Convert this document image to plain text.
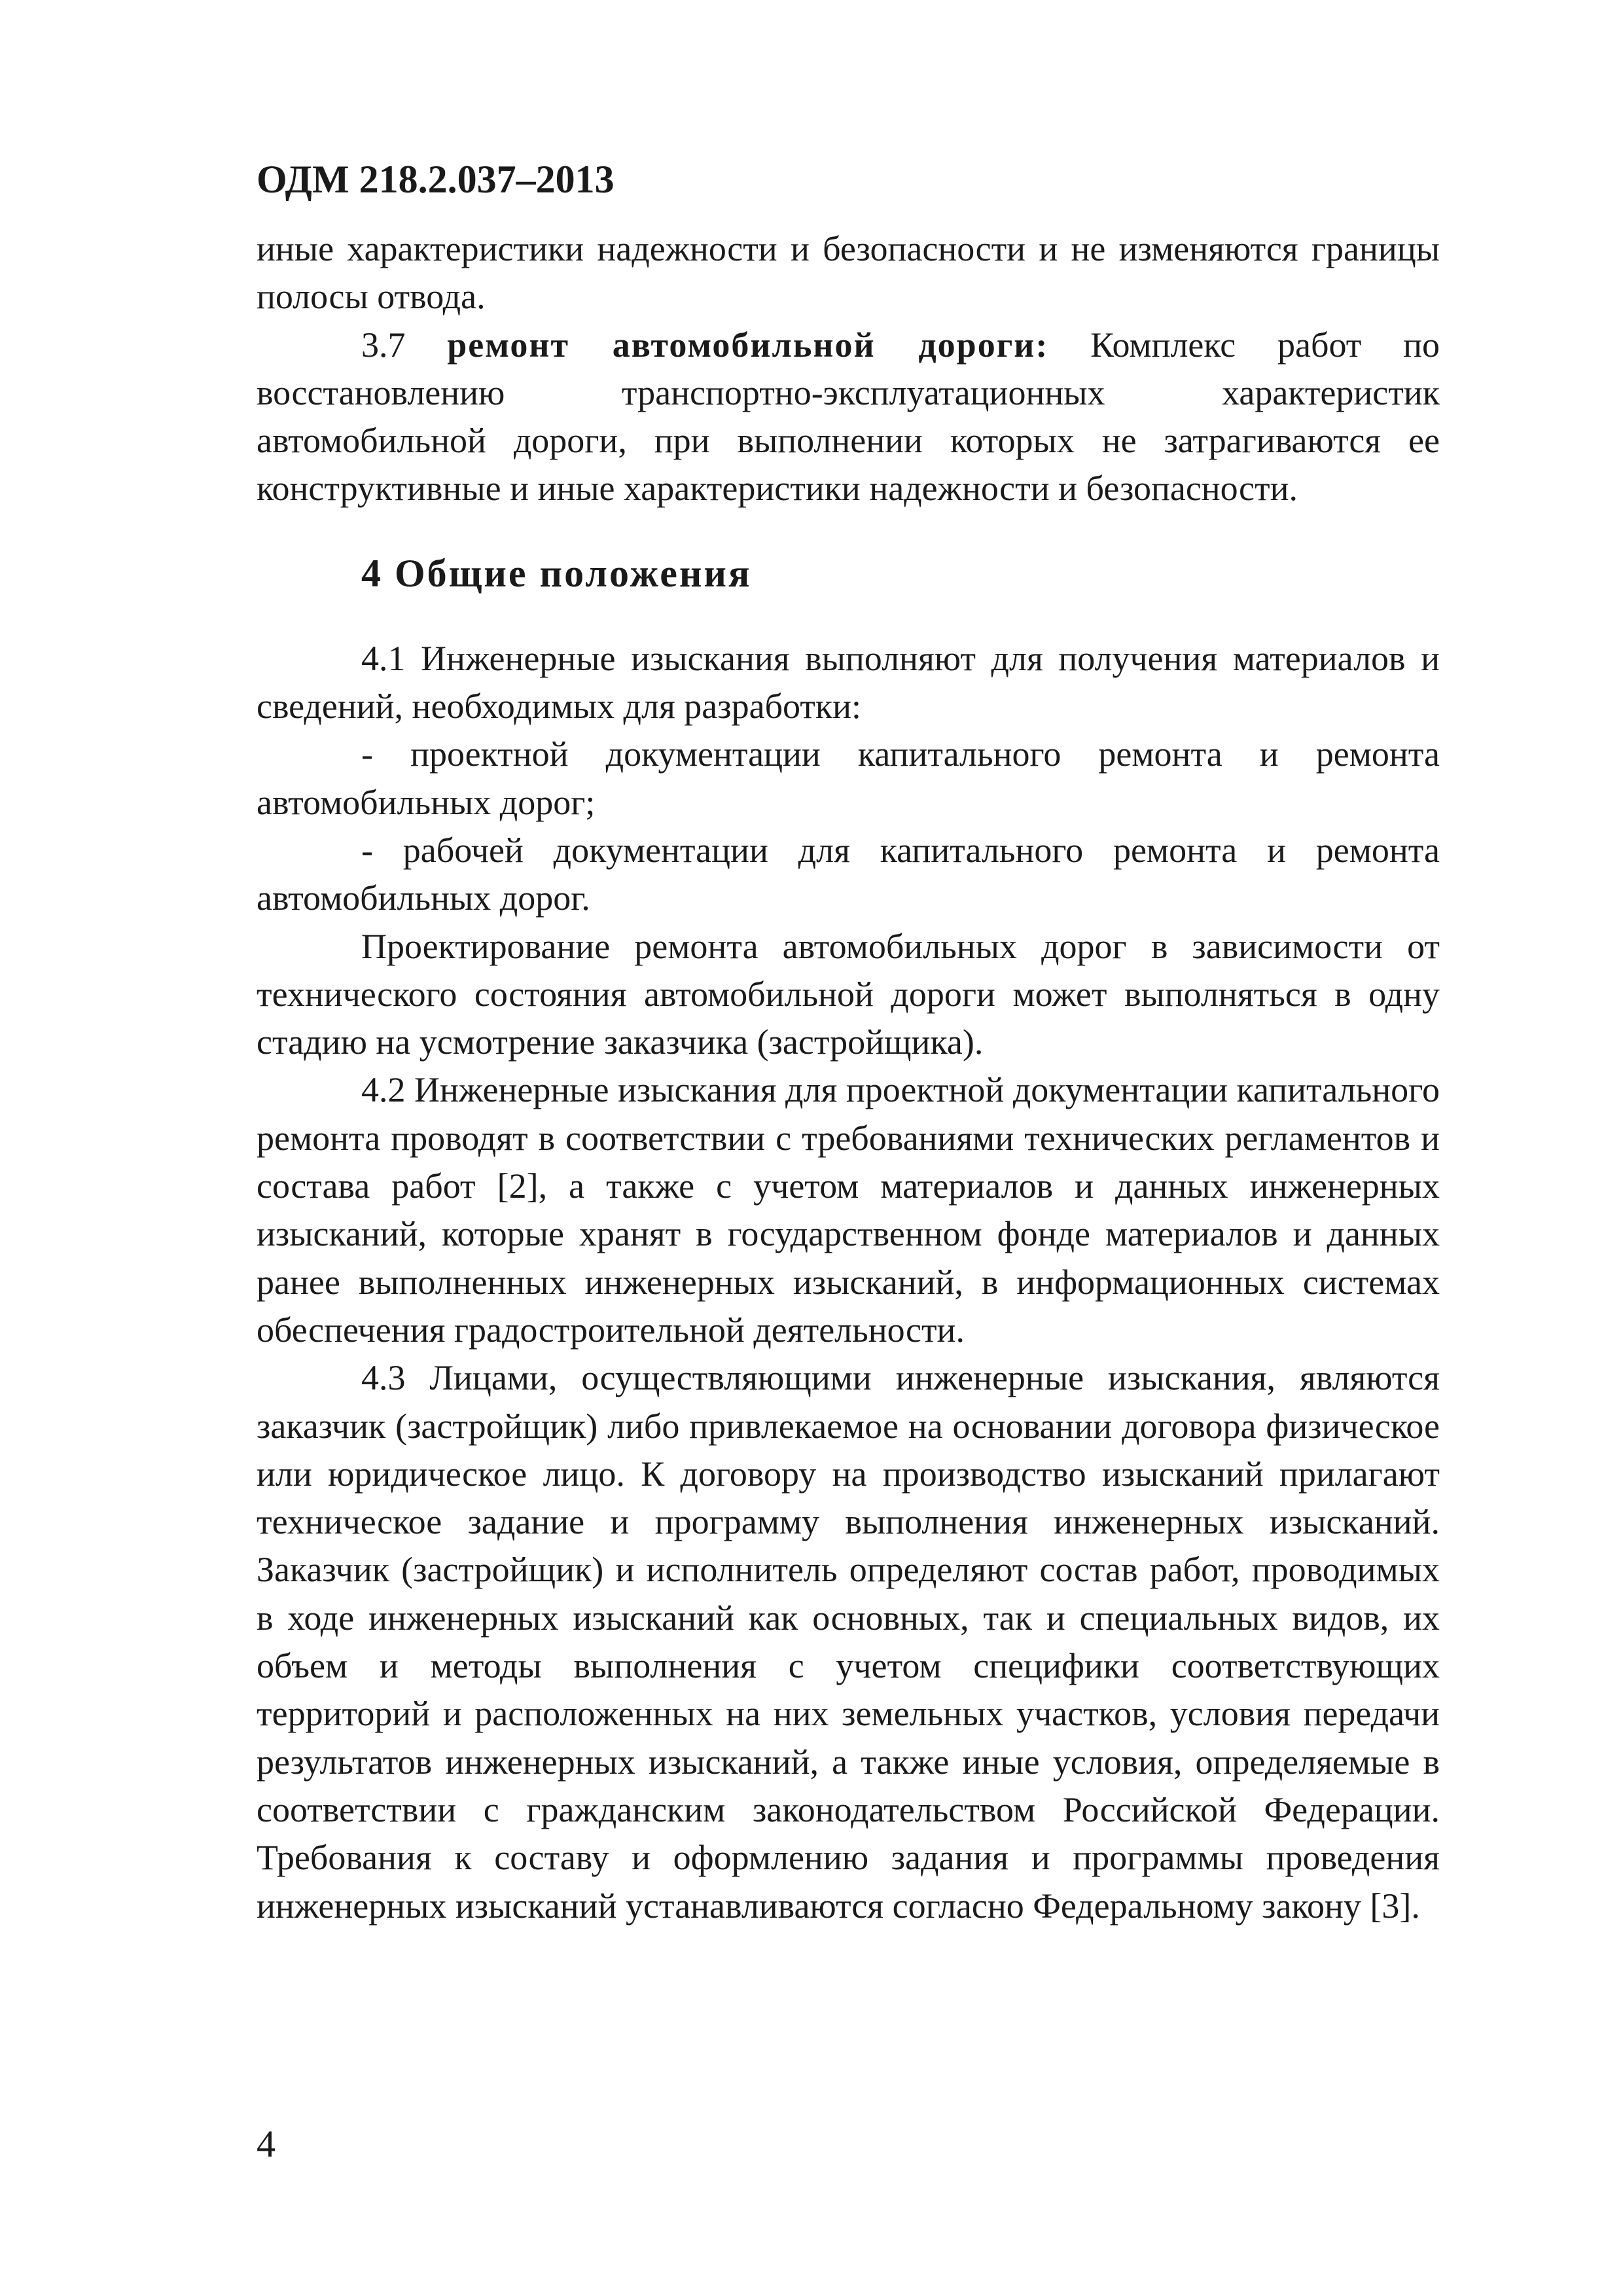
ОДМ 218.2.037–2013

иные характеристики надежности и безопасности и не изменяются границы полосы отвода.

3.7 ремонт автомобильной дороги: Комплекс работ по восстановлению транспортно-эксплуатационных характеристик автомобильной дороги, при выполнении которых не затрагиваются ее конструктивные и иные характеристики надежности и безопасности.

4 Общие положения

4.1 Инженерные изыскания выполняют для получения материалов и сведений, необходимых для разработки:

- проектной документации капитального ремонта и ремонта автомобильных дорог;

- рабочей документации для капитального ремонта и ремонта автомобильных дорог.

Проектирование ремонта автомобильных дорог в зависимости от технического состояния автомобильной дороги может выполняться в одну стадию на усмотрение заказчика (застройщика).

4.2 Инженерные изыскания для проектной документации капитального ремонта проводят в соответствии с требованиями технических регламентов и состава работ [2], а также с учетом материалов и данных инженерных изысканий, которые хранят в государственном фонде материалов и данных ранее выполненных инженерных изысканий, в информационных системах обеспечения градостроительной деятельности.

4.3 Лицами, осуществляющими инженерные изыскания, являются заказчик (застройщик) либо привлекаемое на основании договора физическое или юридическое лицо. К договору на производство изысканий прилагают техническое задание и программу выполнения инженерных изысканий. Заказчик (застройщик) и исполнитель определяют состав работ, проводимых в ходе инженерных изысканий как основных, так и специальных видов, их объем и методы выполнения с учетом специфики соответствующих территорий и расположенных на них земельных участков, условия передачи результатов инженерных изысканий, а также иные условия, определяемые в соответствии с гражданским законодательством Российской Федерации. Требования к составу и оформлению задания и программы проведения инженерных изысканий устанавливаются согласно Федеральному закону [3].

4
